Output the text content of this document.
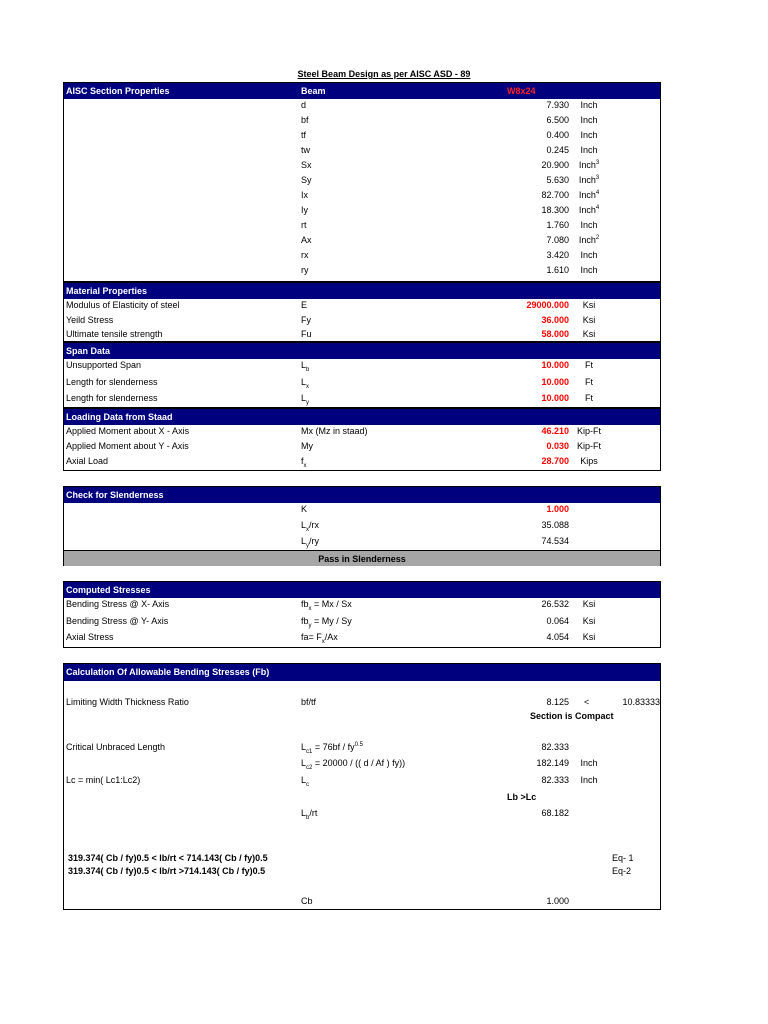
Steel Beam Design as per AISC ASD - 89
AISC Section Properties	Beam	W8x24
d	7.930	Inch
bf	6.500	Inch
tf	0.400	Inch
tw	0.245	Inch
Sx	20.900	Inch$^3$
Sy	5.630	Inch$^3$
Ix	82.700	Inch$^4$
Iy	18.300	Inch$^4$
rt	1.760	Inch
Ax	7.080	Inch$^2$
rx	3.420	Inch
ry	1.610	Inch
Material Properties
Modulus of Elasticity of steel	E	29000.000	Ksi
Yeild Stress	Fy	36.000	Ksi
Ultimate tensile strength	Fu	58.000	Ksi
Span Data
Unsupported Span	$L_b$	10.000	Ft
Length for slenderness	$L_x$	10.000	Ft
Length for slenderness	$L_y$	10.000	Ft
Loading Data from Staad
Applied Moment about X - Axis	Mx (Mz in staad)	46.210 Kip-Ft
Applied Moment about Y - Axis	My	0.030 Kip-Ft
Axial Load	$f_x$	28.700	Kips
Check for Slenderness
K	1.000
$L_x/rx$	35.088
$L_y/ry$	74.534
Pass in Slenderness
Computed Stresses
Bending Stress @ X- Axis	$fb_x = Mx / Sx$	26.532	Ksi
Bending Stress @ Y- Axis	$fb_y = My / Sy$	0.064	Ksi
Axial Stress	$fa= F_x/Ax$	4.054	Ksi
Calculation Of Allowable Bending Stresses (Fb)
Limiting Width Thickness Ratio	bf/tf	8.125 <	10.83333
Section is Compact
Critical Unbraced Length	$L_{c1} = 76bf / fy^{0.5}$	82.333
$L_{c2} = 20000$ / (( d / Af ) fy))	182.149	Inch
Lc = min( Lc1:Lc2)	$L_c$	82.333	Inch
Lb >Lc
$L_b/rt$	68.182
319.374( Cb / fy)0.5 < lb/rt < 714.143( Cb / fy)0.5	Eq- 1
319.374( Cb / fy)0.5 < lb/rt >714.143( Cb / fy)0.5	Eq-2
Cb	1.000
